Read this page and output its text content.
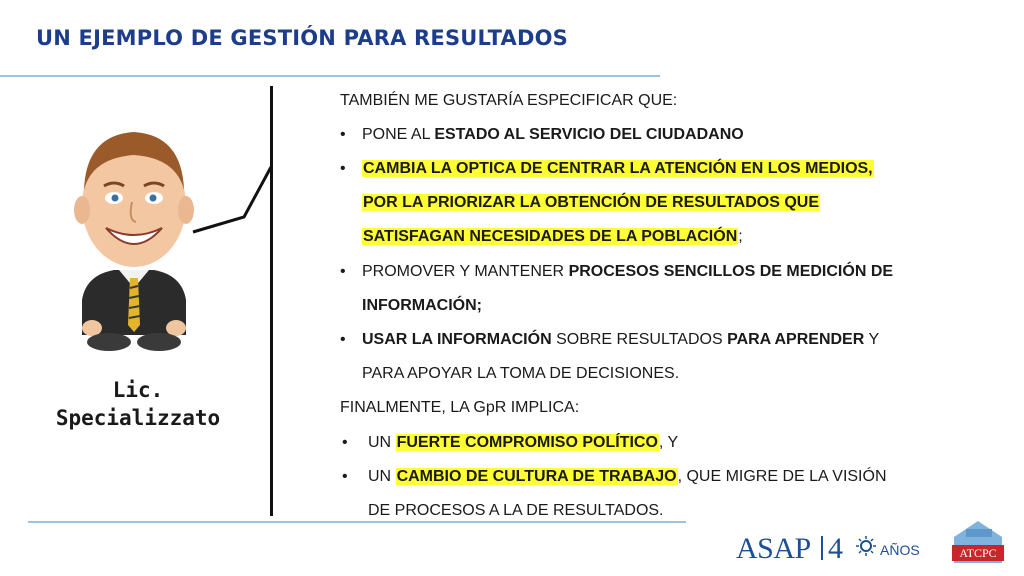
UN EJEMPLO DE GESTIÓN PARA RESULTADOS
Lic.
Specializzato
TAMBIÉN ME GUSTARÍA ESPECIFICAR QUE:
• PONE AL ESTADO AL SERVICIO DEL CIUDADANO
• CAMBIA LA OPTICA DE CENTRAR LA ATENCIÓN EN LOS MEDIOS,
POR LA PRIORIZAR LA OBTENCIÓN DE RESULTADOS QUE
SATISFAGAN NECESIDADES DE LA POBLACIÓN;
• PROMOVER Y MANTENER PROCESOS SENCILLOS DE MEDICIÓN DE
INFORMACIÓN;
• USAR LA INFORMACIÓN SOBRE RESULTADOS PARA APRENDER Y
PARA APOYAR LA TOMA DE DECISIONES.
FINALMENTE, LA GpR IMPLICA:
• UN FUERTE COMPROMISO POLÍTICO, Y
• UN CAMBIO DE CULTURA DE TRABAJO, QUE MIGRE DE LA VISIÓN
DE PROCESOS A LA DE RESULTADOS.
ASAP 4	AÑOS	ATCPC
